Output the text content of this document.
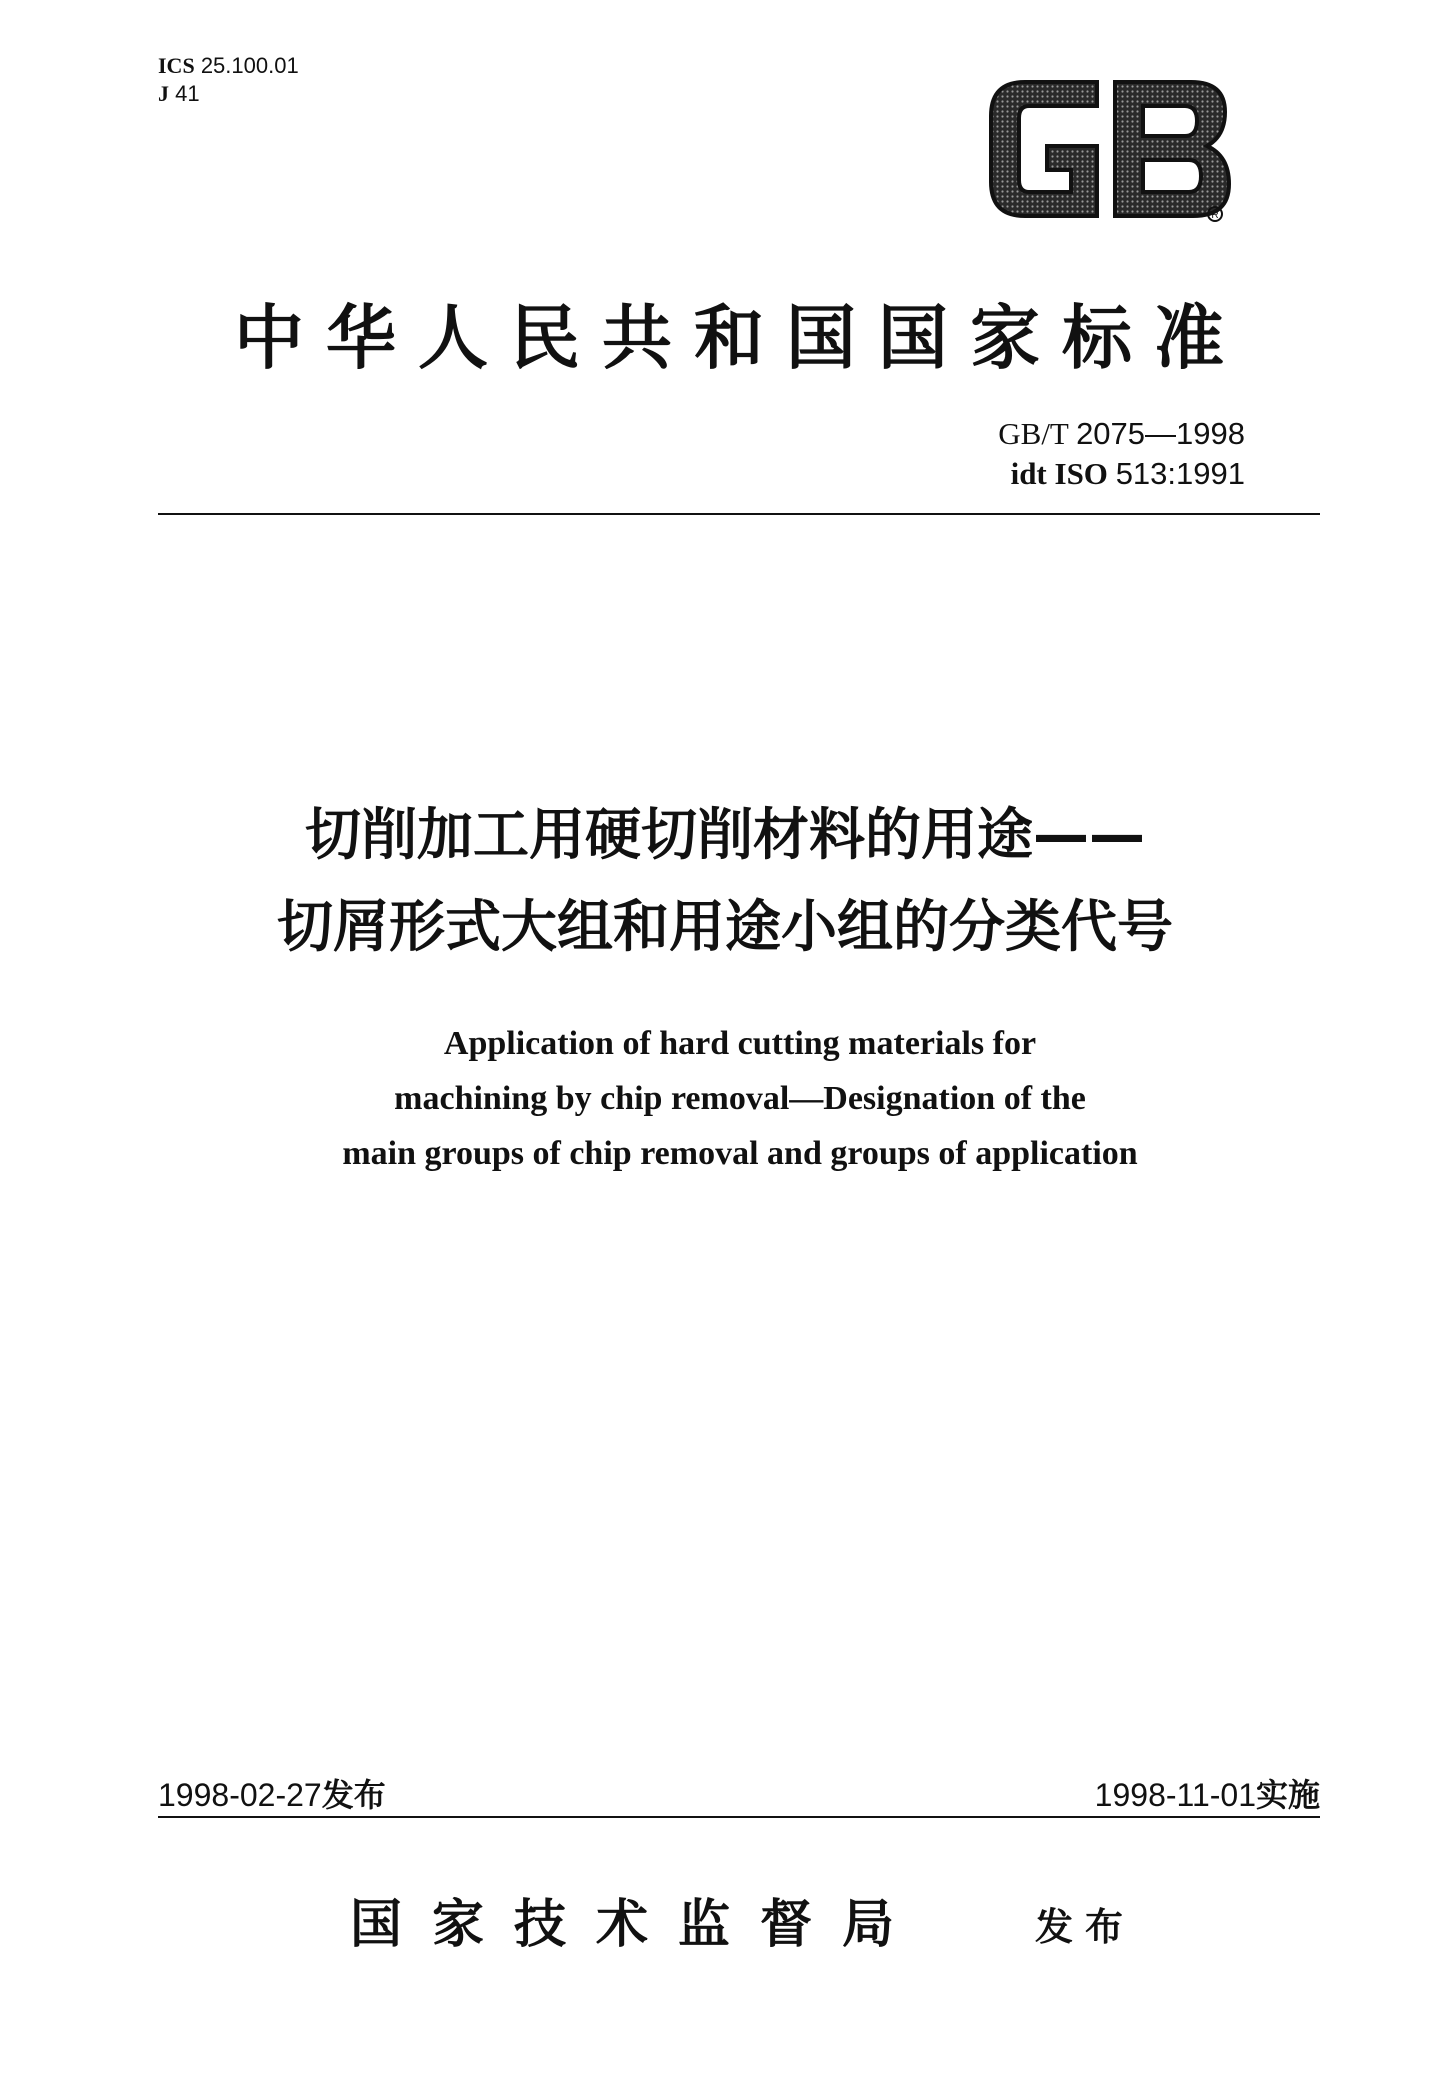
ICS 25.100.01
J 41
R
中华人民共和国国家标准
GB/T 2075—1998
idt ISO 513:1991
切削加工用硬切削材料的用途——
切屑形式大组和用途小组的分类代号
Application of hard cutting materials for
machining by chip removal—Designation of the
main groups of chip removal and groups of application
1998-02-27发布	1998-11-01实施
国家技术监督局	发布
